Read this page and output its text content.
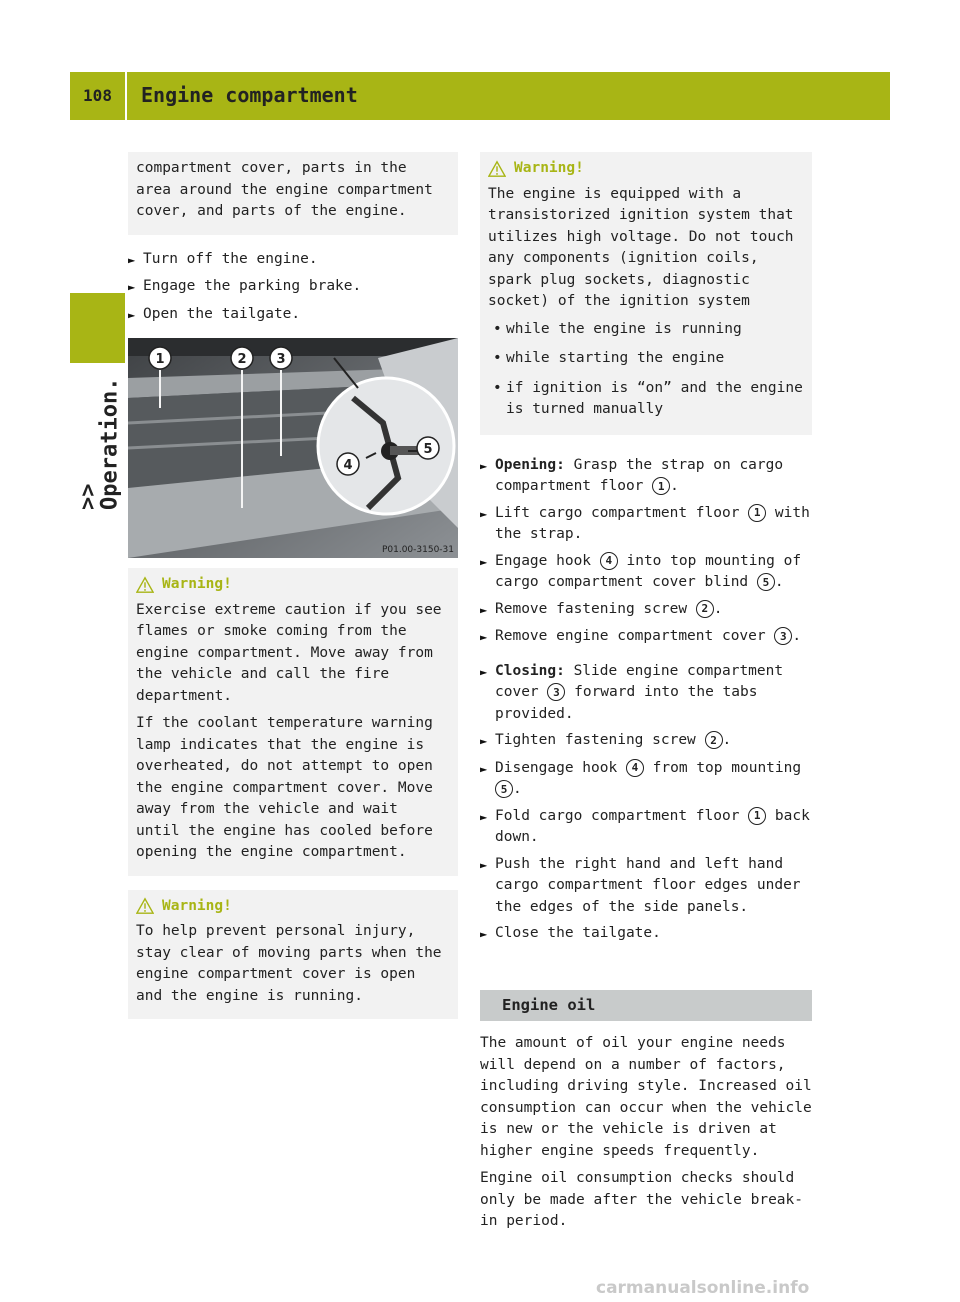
108	Engine compartment
>> Operation.

compartment cover, parts in the area around the engine compartment cover, and parts of the engine.

► Turn off the engine.
► Engage the parking brake.
► Open the tailgate.
1	2 3
4
5
P01.00-3150-31
Warning!

Exercise extreme caution if you see flames or smoke coming from the engine compartment. Move away from the vehicle and call the fire department.

If the coolant temperature warning lamp indicates that the engine is overheated, do not attempt to open the engine compartment cover. Move away from the vehicle and wait until the engine has cooled before opening the engine compartment.

Warning!

To help prevent personal injury, stay clear of moving parts when the engine compartment cover is open and the engine is running.

Warning!

The engine is equipped with a transistorized ignition system that utilizes high voltage. Do not touch any components (ignition coils, spark plug sockets, diagnostic socket) of the ignition system

• while the engine is running
• while starting the engine
• if ignition is “on” and the engine is turned manually
► Opening: Grasp the strap on cargo compartment floor 1 .
► Lift cargo compartment floor 1 with the strap.
► Engage hook 4 into top mounting of cargo compartment cover blind 5 .
► Remove fastening screw 2 .
► Remove engine compartment cover 3 .
► Closing: Slide engine compartment cover 3 forward into the tabs provided.
► Tighten fastening screw 2 .
► Disengage hook 4 from top mounting 5 .
► Fold cargo compartment floor 1 back down.
► Push the right hand and left hand cargo compartment floor edges under the edges of the side panels.
► Close the tailgate.
Engine oil

The amount of oil your engine needs will depend on a number of factors, including driving style. Increased oil consumption can occur when the vehicle is new or the vehicle is driven at higher engine speeds frequently.

Engine oil consumption checks should only be made after the vehicle break-in period.

carmanualsonline.info
